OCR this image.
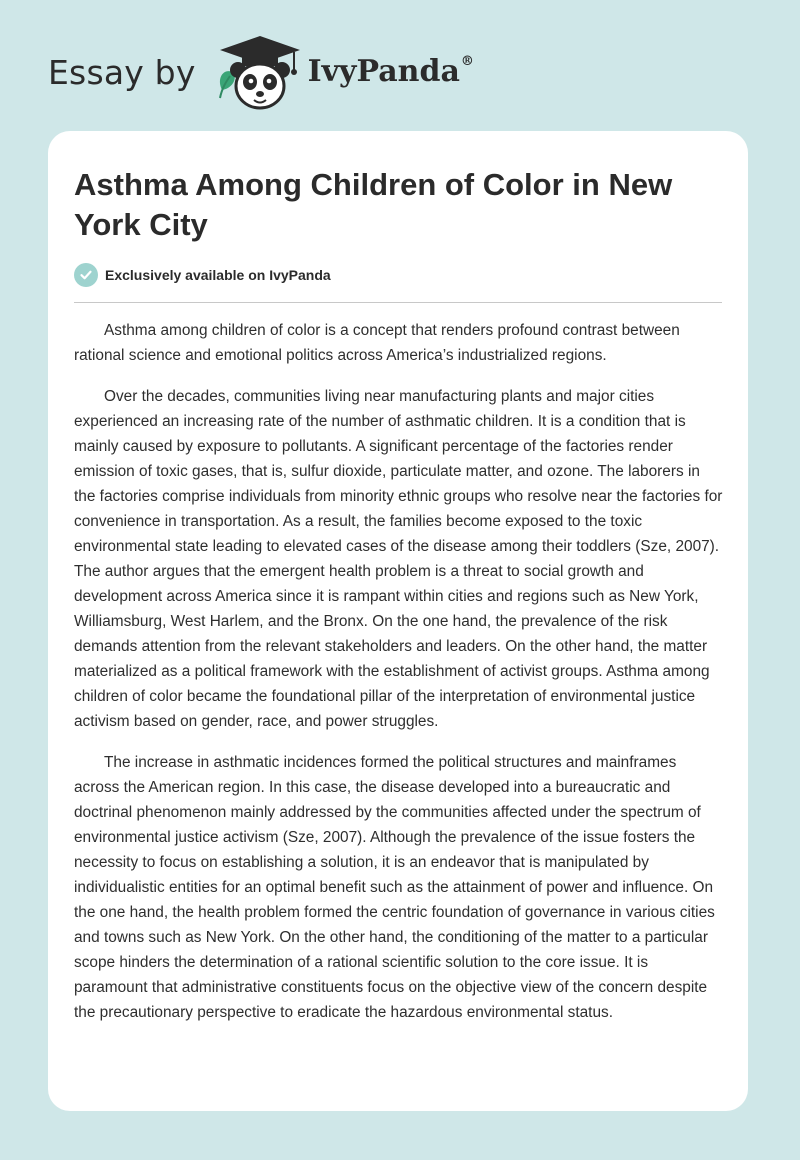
Essay by	IvyPanda®
Asthma Among Children of Color in New York City
Exclusively available on IvyPanda

Asthma among children of color is a concept that renders profound contrast between rational science and emotional politics across America’s industrialized regions.

Over the decades, communities living near manufacturing plants and major cities experienced an increasing rate of the number of asthmatic children. It is a condition that is mainly caused by exposure to pollutants. A significant percentage of the factories render emission of toxic gases, that is, sulfur dioxide, particulate matter, and ozone. The laborers in the factories comprise individuals from minority ethnic groups who resolve near the factories for convenience in transportation. As a result, the families become exposed to the toxic environmental state leading to elevated cases of the disease among their toddlers (Sze, 2007). The author argues that the emergent health problem is a threat to social growth and development across America since it is rampant within cities and regions such as New York, Williamsburg, West Harlem, and the Bronx. On the one hand, the prevalence of the risk demands attention from the relevant stakeholders and leaders. On the other hand, the matter materialized as a political framework with the establishment of activist groups. Asthma among children of color became the foundational pillar of the interpretation of environmental justice activism based on gender, race, and power struggles.

The increase in asthmatic incidences formed the political structures and mainframes across the American region. In this case, the disease developed into a bureaucratic and doctrinal phenomenon mainly addressed by the communities affected under the spectrum of environmental justice activism (Sze, 2007). Although the prevalence of the issue fosters the necessity to focus on establishing a solution, it is an endeavor that is manipulated by individualistic entities for an optimal benefit such as the attainment of power and influence. On the one hand, the health problem formed the centric foundation of governance in various cities and towns such as New York. On the other hand, the conditioning of the matter to a particular scope hinders the determination of a rational scientific solution to the core issue. It is paramount that administrative constituents focus on the objective view of the concern despite the precautionary perspective to eradicate the hazardous environmental status.
